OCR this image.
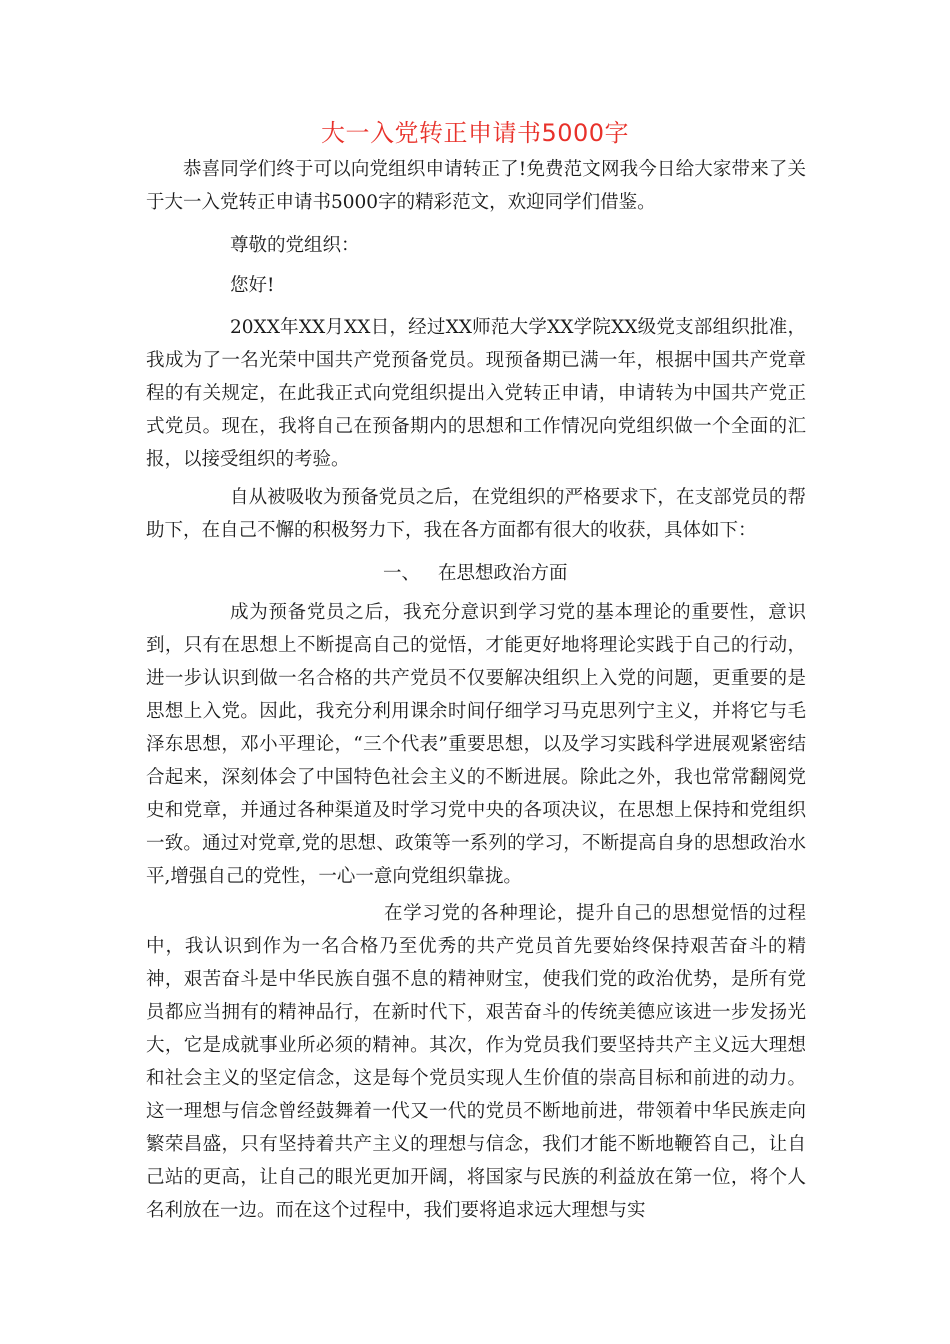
大一入党转正申请书5000字
恭喜同学们终于可以向党组织申请转正了!免费范文网我今日给大家带来了关于大一入党转正申请书5000字的精彩范文，欢迎同学们借鉴。
尊敬的党组织：
您好!
20XX年XX月XX日，经过XX师范大学XX学院XX级党支部组织批准，我成为了一名光荣中国共产党预备党员。现预备期已满一年，根据中国共产党章程的有关规定，在此我正式向党组织提出入党转正申请，申请转为中国共产党正式党员。现在，我将自己在预备期内的思想和工作情况向党组织做一个全面的汇报，以接受组织的考验。
自从被吸收为预备党员之后，在党组织的严格要求下，在支部党员的帮助下，在自己不懈的积极努力下，我在各方面都有很大的收获，具体如下：
一、 在思想政治方面
成为预备党员之后，我充分意识到学习党的基本理论的重要性，意识到，只有在思想上不断提高自己的觉悟，才能更好地将理论实践于自己的行动，进一步认识到做一名合格的共产党员不仅要解决组织上入党的问题，更重要的是思想上入党。因此，我充分利用课余时间仔细学习马克思列宁主义，并将它与毛泽东思想，邓小平理论，“三个代表”重要思想，以及学习实践科学进展观紧密结合起来，深刻体会了中国特色社会主义的不断进展。除此之外，我也常常翻阅党史和党章，并通过各种渠道及时学习党中央的各项决议，在思想上保持和党组织一致。通过对党章,党的思想、政策等一系列的学习，不断提高自身的思想政治水平,增强自己的党性，一心一意向党组织靠拢。
在学习党的各种理论，提升自己的思想觉悟的过程中，我认识到作为一名合格乃至优秀的共产党员首先要始终保持艰苦奋斗的精神，艰苦奋斗是中华民族自强不息的精神财宝，使我们党的政治优势，是所有党员都应当拥有的精神品行，在新时代下，艰苦奋斗的传统美德应该进一步发扬光大，它是成就事业所必须的精神。其次，作为党员我们要坚持共产主义远大理想和社会主义的坚定信念，这是每个党员实现人生价值的崇高目标和前进的动力。这一理想与信念曾经鼓舞着一代又一代的党员不断地前进，带领着中华民族走向繁荣昌盛，只有坚持着共产主义的理想与信念，我们才能不断地鞭笞自己，让自己站的更高，让自己的眼光更加开阔，将国家与民族的利益放在第一位，将个人名利放在一边。而在这个过程中，我们要将追求远大理想与实
